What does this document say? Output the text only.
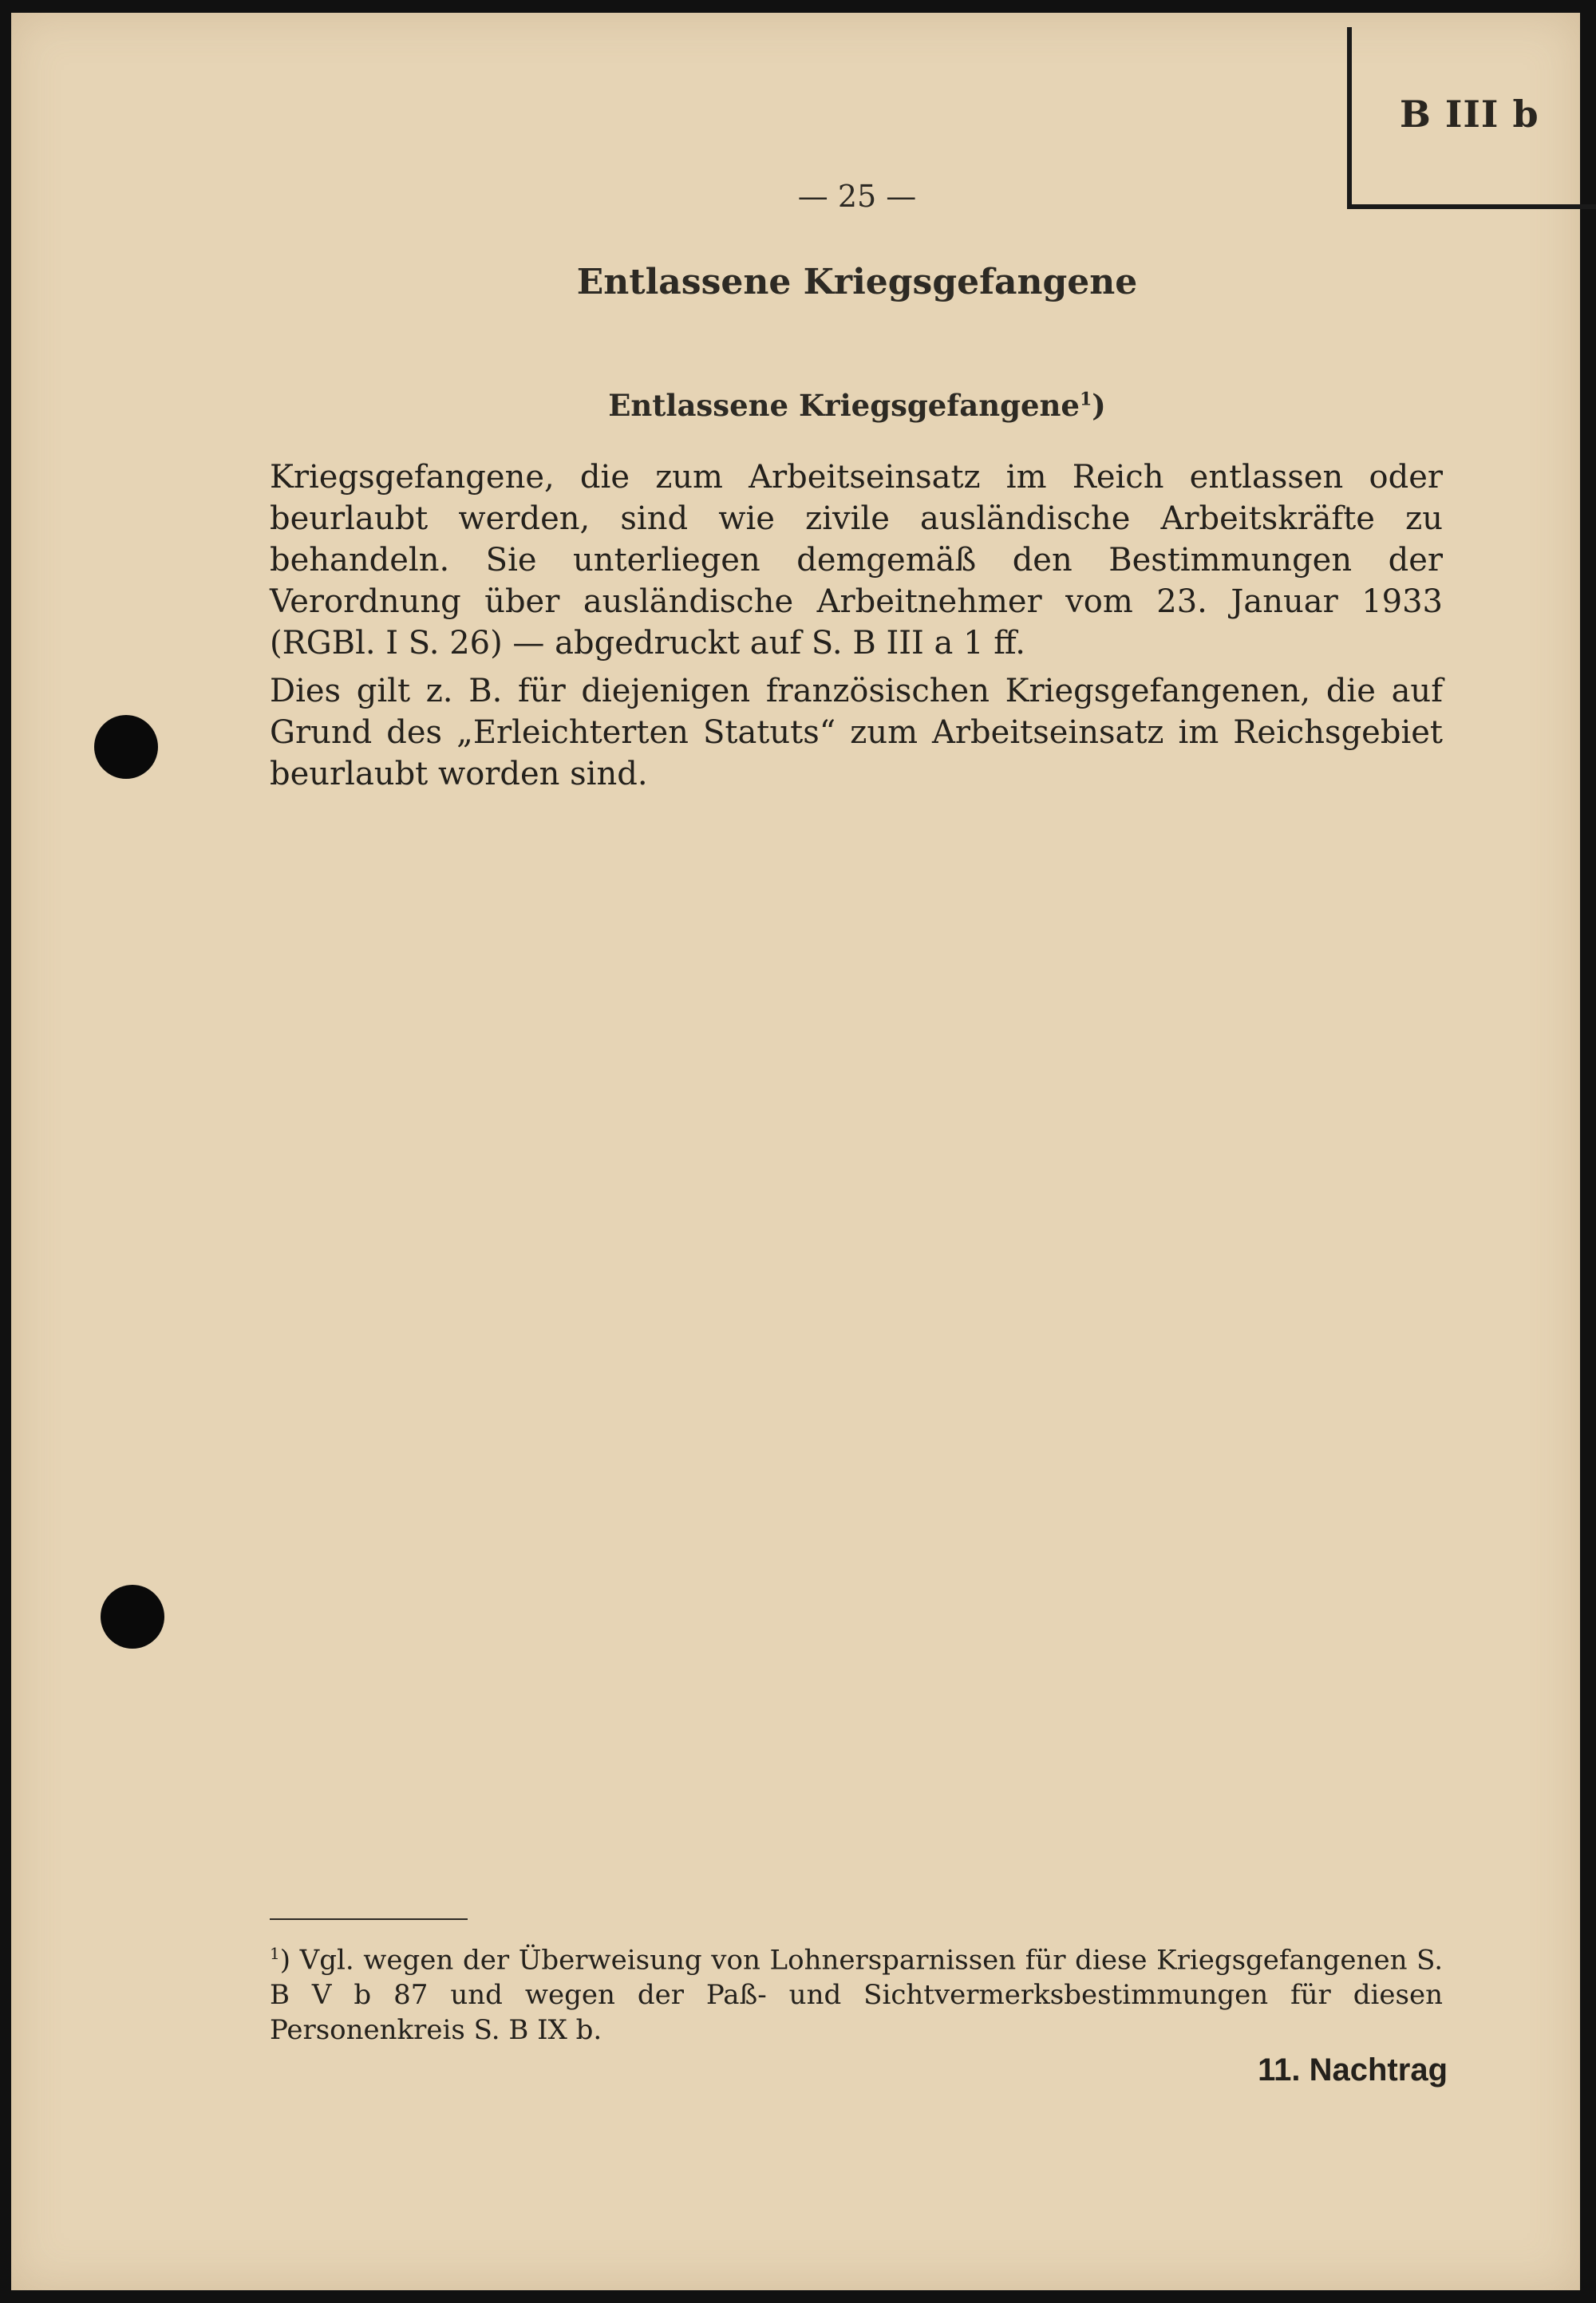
B III b
— 25 —
Entlassene Kriegsgefangene
Entlassene Kriegsgefangene$^1$)

Kriegsgefangene, die zum Arbeitseinsatz im Reich entlassen oder beurlaubt werden, sind wie zivile ausländische Arbeitskräfte zu behandeln. Sie unterliegen demgemäß den Bestimmungen der Verordnung über ausländische Arbeitnehmer vom 23. Januar 1933 (RGBl. I S. 26) — abgedruckt auf S. B III a 1 ff.

Dies gilt z. B. für diejenigen französischen Kriegsgefangenen, die auf Grund des „Erleichterten Statuts“ zum Arbeitseinsatz im Reichsgebiet beurlaubt worden sind.

$^1$) Vgl. wegen der Überweisung von Lohnersparnissen für diese Kriegsgefangenen S. B V b 87 und wegen der Paß- und Sichtvermerksbestimmungen für diesen Personenkreis S. B IX b.
11. Nachtrag
